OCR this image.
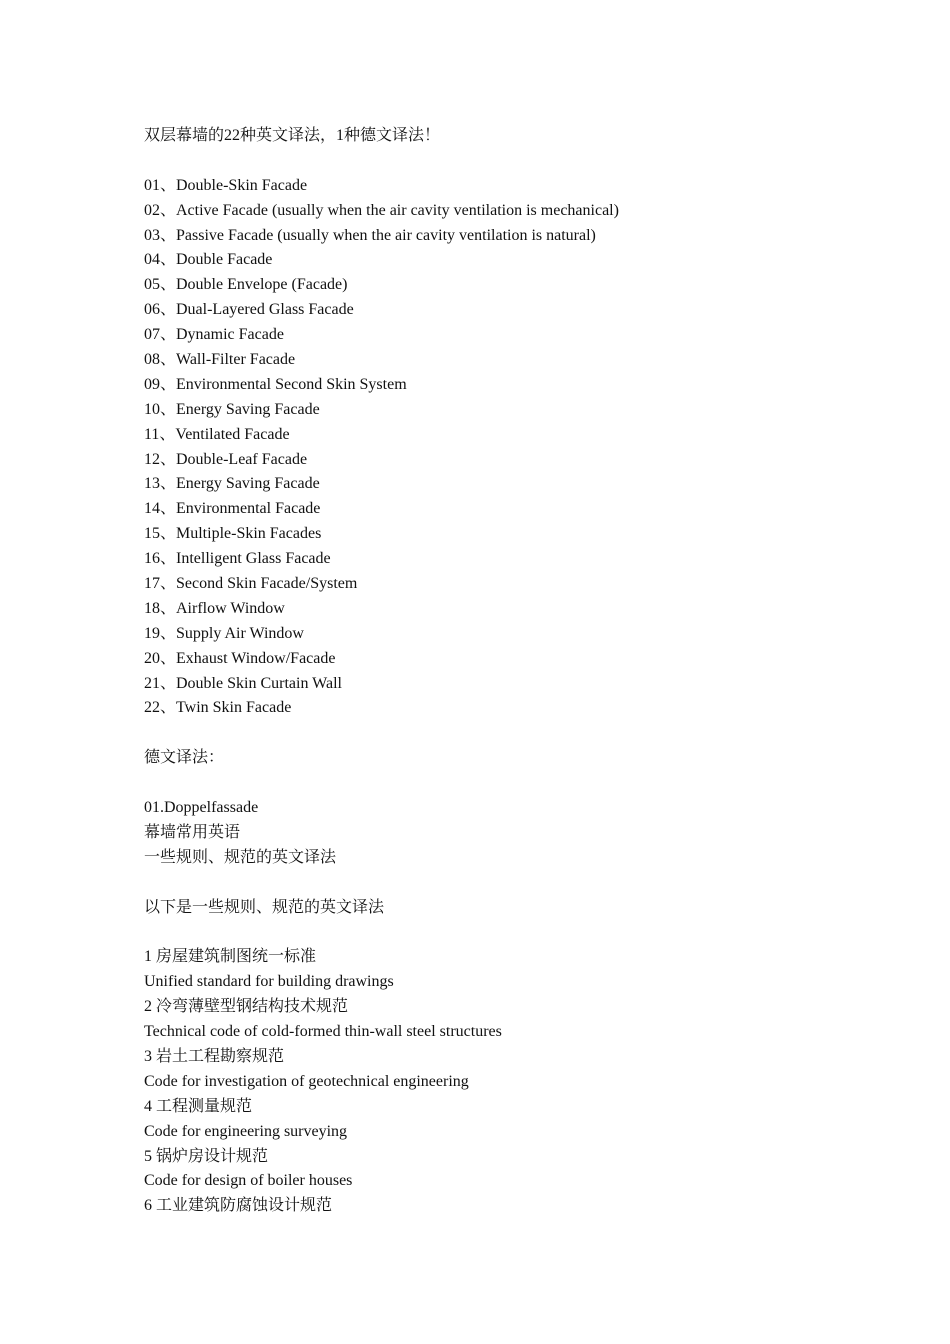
双层幕墙的22种英文译法，1种德文译法！
01、Double-Skin Facade
02、Active Facade (usually when the air cavity ventilation is mechanical)
03、Passive Facade (usually when the air cavity ventilation is natural)
04、Double Facade
05、Double Envelope (Facade)
06、Dual-Layered Glass Facade
07、Dynamic Facade
08、Wall-Filter Facade
09、Environmental Second Skin System
10、Energy Saving Facade
11、Ventilated Facade
12、Double-Leaf Facade
13、Energy Saving Facade
14、Environmental Facade
15、Multiple-Skin Facades
16、Intelligent Glass Facade
17、Second Skin Facade/System
18、Airflow Window
19、Supply Air Window
20、Exhaust Window/Facade
21、Double Skin Curtain Wall
22、Twin Skin Facade
德文译法：
01.Doppelfassade
幕墙常用英语
一些规则、规范的英文译法
以下是一些规则、规范的英文译法
1 房屋建筑制图统一标准
Unified standard for building drawings
2 冷弯薄壁型钢结构技术规范
Technical code of cold-formed thin-wall steel structures
3 岩土工程勘察规范
Code for investigation of geotechnical engineering
4 工程测量规范
Code for engineering surveying
5 锅炉房设计规范
Code for design of boiler houses
6 工业建筑防腐蚀设计规范
